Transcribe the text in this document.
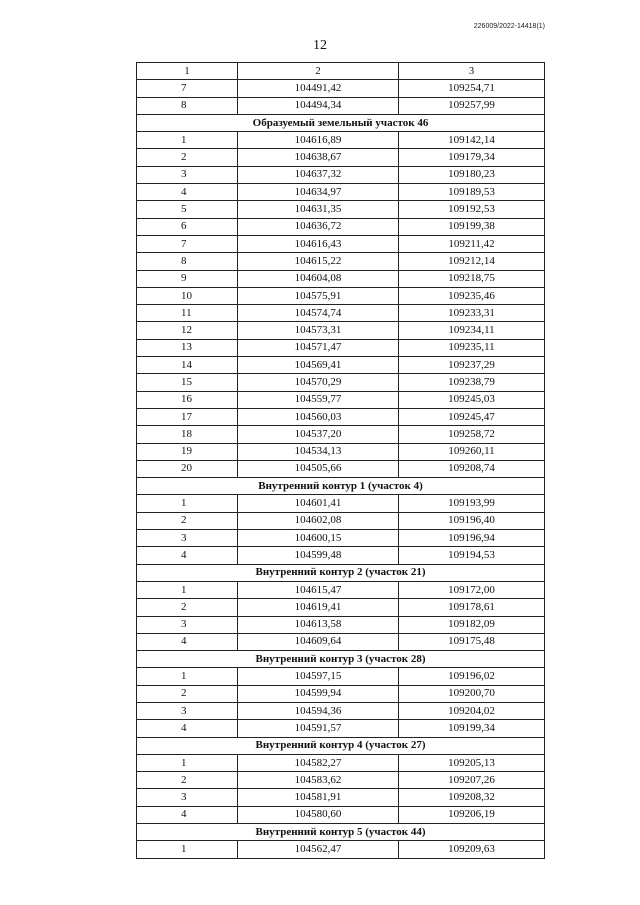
226009/2022-14418(1)
12
1	2	3
7	104491,42	109254,71
8	104494,34	109257,99
Образуемый земельный участок 46		
1	104616,89	109142,14
2	104638,67	109179,34
3	104637,32	109180,23
4	104634,97	109189,53
5	104631,35	109192,53
6	104636,72	109199,38
7	104616,43	109211,42
8	104615,22	109212,14
9	104604,08	109218,75
10	104575,91	109235,46
11	104574,74	109233,31
12	104573,31	109234,11
13	104571,47	109235,11
14	104569,41	109237,29
15	104570,29	109238,79
16	104559,77	109245,03
17	104560,03	109245,47
18	104537,20	109258,72
19	104534,13	109260,11
20	104505,66	109208,74
Внутренний контур 1 (участок 4)		
1	104601,41	109193,99
2	104602,08	109196,40
3	104600,15	109196,94
4	104599,48	109194,53
Внутренний контур 2 (участок 21)		
1	104615,47	109172,00
2	104619,41	109178,61
3	104613,58	109182,09
4	104609,64	109175,48
Внутренний контур 3 (участок 28)		
1	104597,15	109196,02
2	104599,94	109200,70
3	104594,36	109204,02
4	104591,57	109199,34
Внутренний контур 4 (участок 27)		
1	104582,27	109205,13
2	104583,62	109207,26
3	104581,91	109208,32
4	104580,60	109206,19
Внутренний контур 5 (участок 44)		
1	104562,47	109209,63
